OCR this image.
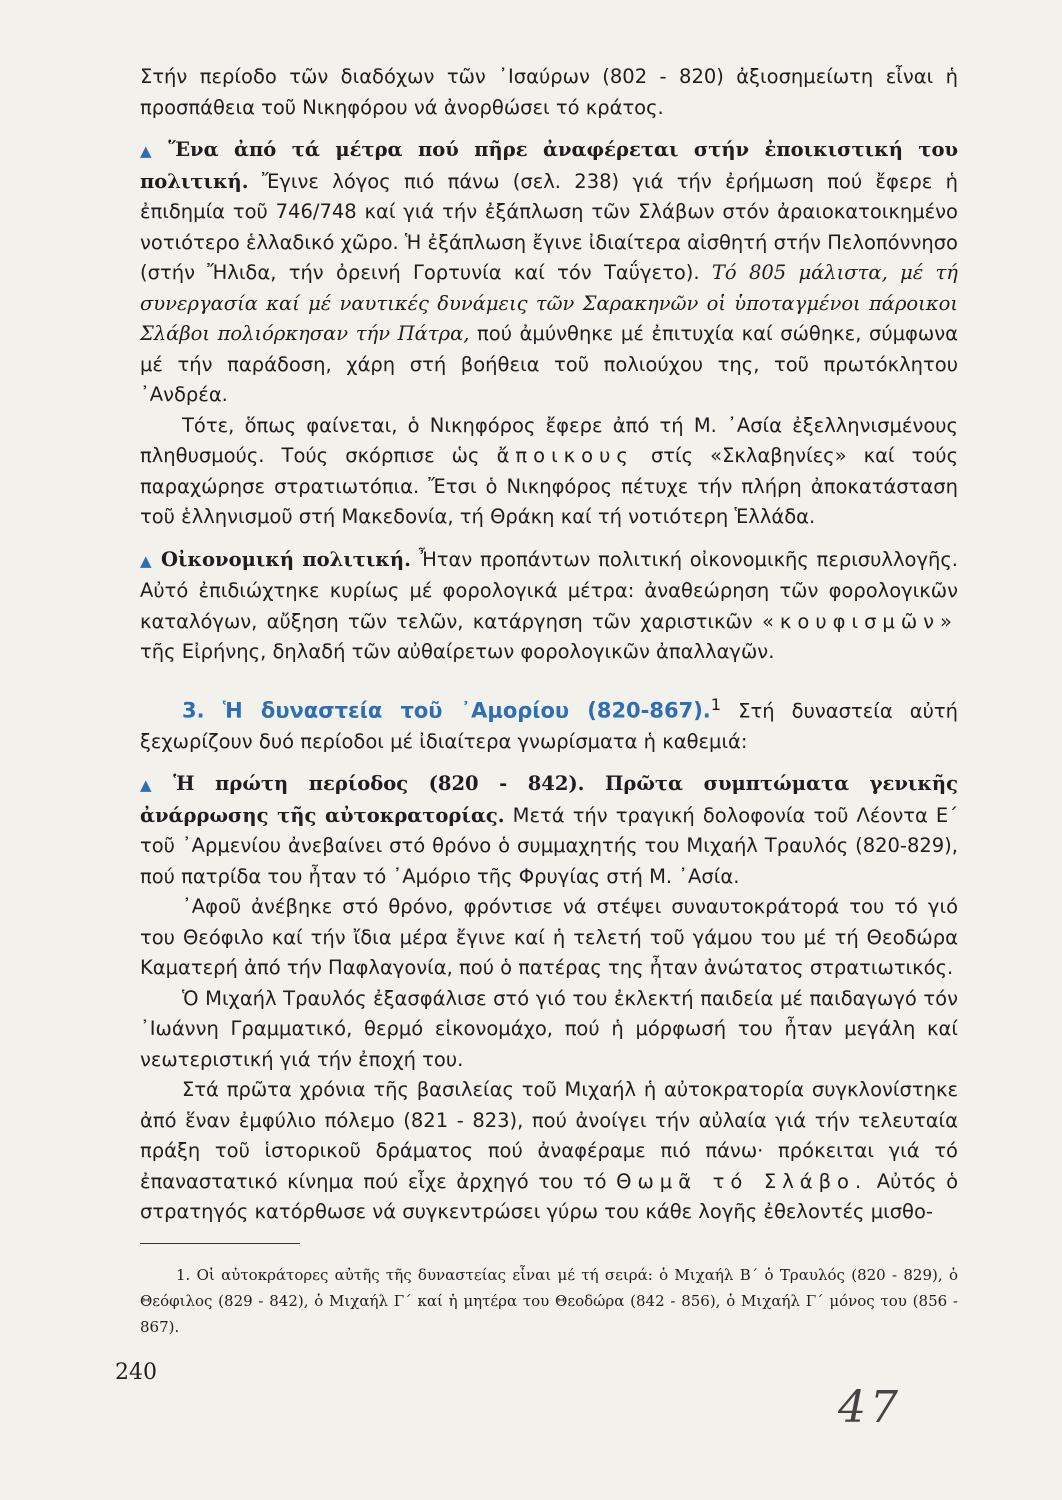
Στήν περίοδο τῶν διαδόχων τῶν ᾿Ισαύρων (802 - 820) ἀξιοσημείωτη εἶναι ἡ προσπάθεια τοῦ Νικηφόρου νά ἀνορθώσει τό κράτος.

▲ Ἕνα ἀπό τά μέτρα πού πῆρε ἀναφέρεται στήν ἐποικιστική του πολιτική. Ἔγινε λόγος πιό πάνω (σελ. 238) γιά τήν ἐρήμωση πού ἔφερε ἡ ἐπιδημία τοῦ 746/748 καί γιά τήν ἐξάπλωση τῶν Σλάβων στόν ἀραιοκατοικημένο νοτιότερο ἑλλαδικό χῶρο. Ἡ ἐξάπλωση ἔγινε ἰδιαίτερα αἰσθητή στήν Πελοπόννησο (στήν Ἤλιδα, τήν ὀρεινή Γορτυνία καί τόν Ταΰγετο). Τό 805 μάλιστα, μέ τή συνεργασία καί μέ ναυτικές δυνάμεις τῶν Σαρακηνῶν οἱ ὑποταγμένοι πάροικοι Σλάβοι πολιόρκησαν τήν Πάτρα, πού ἀμύνθηκε μέ ἐπιτυχία καί σώθηκε, σύμφωνα μέ τήν παράδοση, χάρη στή βοήθεια τοῦ πολιούχου της, τοῦ πρωτόκλητου ᾿Ανδρέα.

Τότε, ὅπως φαίνεται, ὁ Νικηφόρος ἔφερε ἀπό τή Μ. ᾿Ασία ἐξελληνισμένους πληθυσμούς. Τούς σκόρπισε ὡς ἄποικους στίς «Σκλαβηνίες» καί τούς παραχώρησε στρατιωτόπια. Ἔτσι ὁ Νικηφόρος πέτυχε τήν πλήρη ἀποκατάσταση τοῦ ἑλληνισμοῦ στή Μακεδονία, τή Θράκη καί τή νοτιότερη Ἑλλάδα.

▲ Οἰκονομική πολιτική. Ἦταν προπάντων πολιτική οἰκονομικῆς περισυλλογῆς. Αὐτό ἐπιδιώχτηκε κυρίως μέ φορολογικά μέτρα: ἀναθεώρηση τῶν φορολογικῶν καταλόγων, αὔξηση τῶν τελῶν, κατάργηση τῶν χαριστικῶν «κουφισμῶν» τῆς Εἰρήνης, δηλαδή τῶν αὐθαίρετων φορολογικῶν ἀπαλλαγῶν.

3. Ἡ δυναστεία τοῦ ᾿Αμορίου (820-867).$^1$ Στή δυναστεία αὐτή ξεχωρίζουν δυό περίοδοι μέ ἰδιαίτερα γνωρίσματα ἡ καθεμιά:

▲ Ἡ πρώτη περίοδος (820 - 842). Πρῶτα συμπτώματα γενικῆς ἀνάρρωσης τῆς αὐτοκρατορίας. Μετά τήν τραγική δολοφονία τοῦ Λέοντα Ε΄ τοῦ ᾿Αρμενίου ἀνεβαίνει στό θρόνο ὁ συμμαχητής του Μιχαήλ Τραυλός (820-829), πού πατρίδα του ἦταν τό ᾿Αμόριο τῆς Φρυγίας στή Μ. ᾿Ασία.

᾿Αφοῦ ἀνέβηκε στό θρόνο, φρόντισε νά στέψει συναυτοκράτορά του τό γιό του Θεόφιλο καί τήν ἴδια μέρα ἔγινε καί ἡ τελετή τοῦ γάμου του μέ τή Θεοδώρα Καματερή ἀπό τήν Παφλαγονία, πού ὁ πατέρας της ἦταν ἀνώτατος στρατιωτικός.

Ὁ Μιχαήλ Τραυλός ἐξασφάλισε στό γιό του ἐκλεκτή παιδεία μέ παιδαγωγό τόν ᾿Ιωάννη Γραμματικό, θερμό εἰκονομάχο, πού ἡ μόρφωσή του ἦταν μεγάλη καί νεωτεριστική γιά τήν ἐποχή του.

Στά πρῶτα χρόνια τῆς βασιλείας τοῦ Μιχαήλ ἡ αὐτοκρατορία συγκλονίστηκε ἀπό ἕναν ἐμφύλιο πόλεμο (821 - 823), πού ἀνοίγει τήν αὐλαία γιά τήν τελευταία πράξη τοῦ ἱστορικοῦ δράματος πού ἀναφέραμε πιό πάνω· πρόκειται γιά τό ἐπαναστατικό κίνημα πού εἶχε ἀρχηγό του τό Θωμᾶ τό Σλάβο. Αὐτός ὁ στρατηγός κατόρθωσε νά συγκεντρώσει γύρω του κάθε λογῆς ἐθελοντές μισθο-

1. Οἱ αὐτοκράτορες αὐτῆς τῆς δυναστείας εἶναι μέ τή σειρά: ὁ Μιχαήλ Β΄ ὁ Τραυλός (820 - 829), ὁ Θεόφιλος (829 - 842), ὁ Μιχαήλ Γ΄ καί ἡ μητέρα του Θεοδώρα (842 - 856), ὁ Μιχαήλ Γ΄ μόνος του (856 - 867).

240
47
